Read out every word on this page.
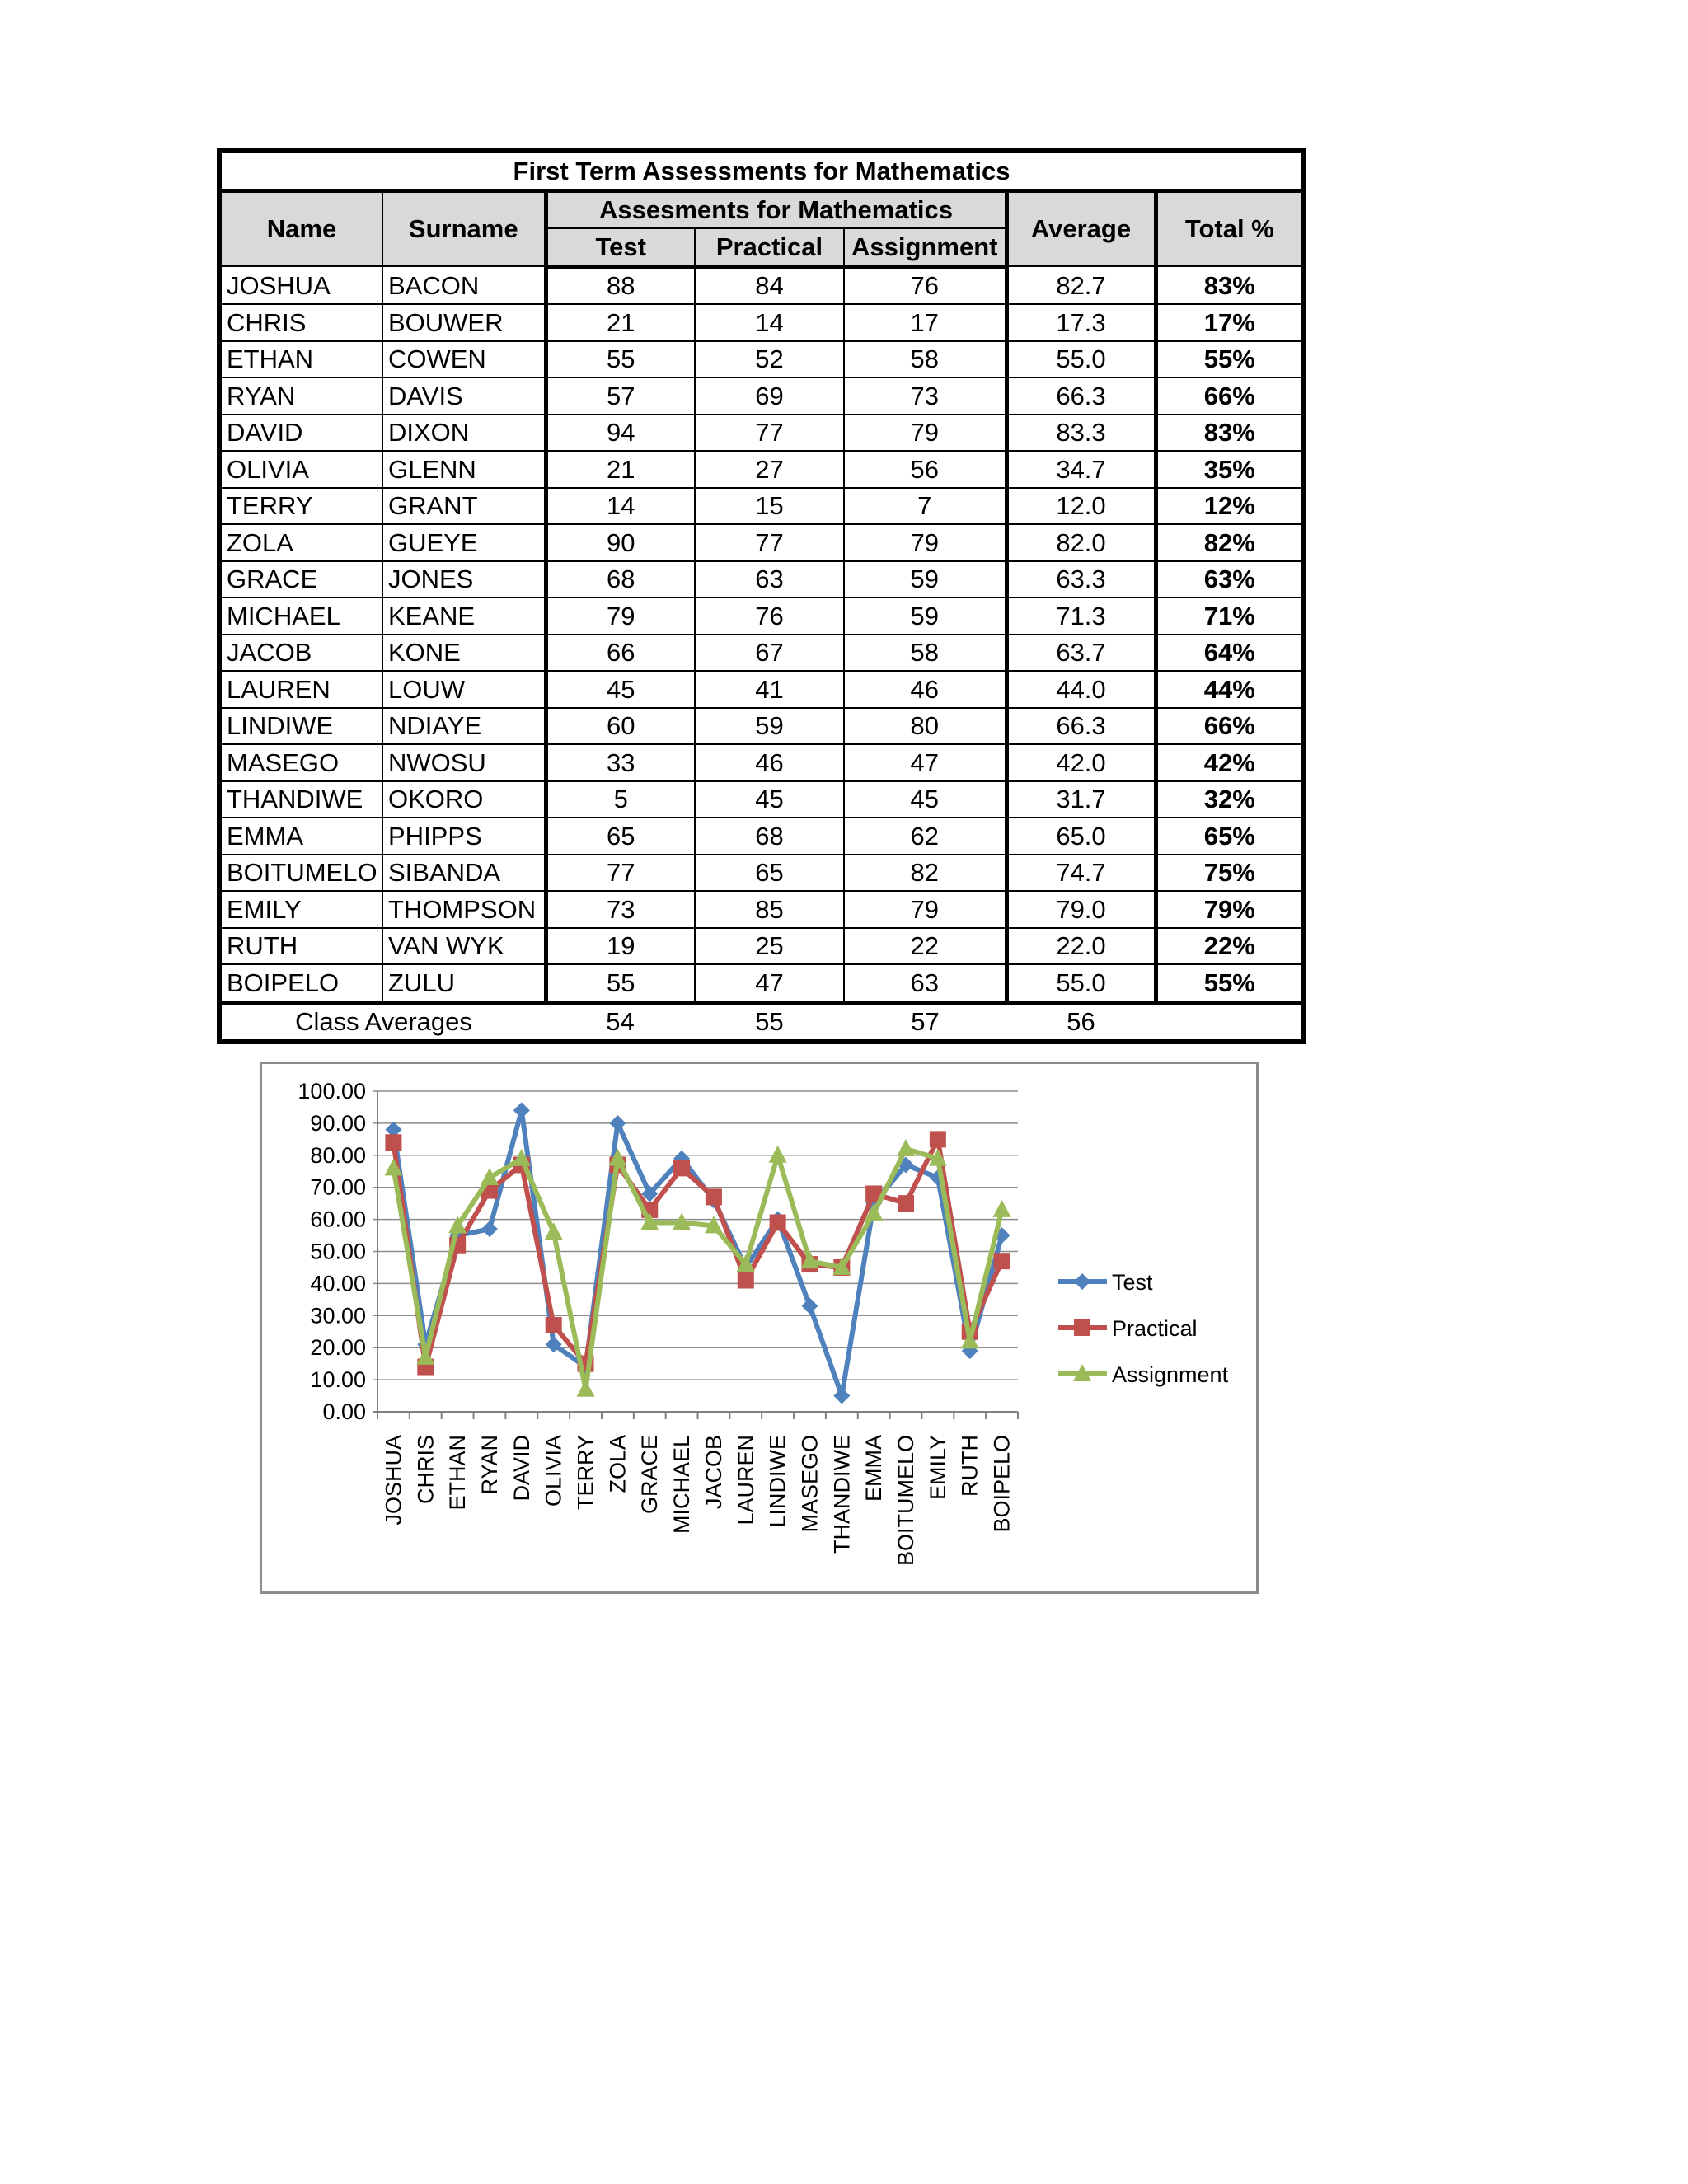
First Term Assessments for Mathematics						
Name	Surname	Assesments for Mathematics			Average	Total %
		Test	Practical	Assignment		
JOSHUA	BACON	88	84	76	82.7	83%
CHRIS	BOUWER	21	14	17	17.3	17%
ETHAN	COWEN	55	52	58	55.0	55%
RYAN	DAVIS	57	69	73	66.3	66%
DAVID	DIXON	94	77	79	83.3	83%
OLIVIA	GLENN	21	27	56	34.7	35%
TERRY	GRANT	14	15	7	12.0	12%
ZOLA	GUEYE	90	77	79	82.0	82%
GRACE	JONES	68	63	59	63.3	63%
MICHAEL	KEANE	79	76	59	71.3	71%
JACOB	KONE	66	67	58	63.7	64%
LAUREN	LOUW	45	41	46	44.0	44%
LINDIWE	NDIAYE	60	59	80	66.3	66%
MASEGO	NWOSU	33	46	47	42.0	42%
THANDIWE	OKORO	5	45	45	31.7	32%
EMMA	PHIPPS	65	68	62	65.0	65%
BOITUMELO	SIBANDA	77	65	82	74.7	75%
EMILY	THOMPSON	73	85	79	79.0	79%
RUTH	VAN WYK	19	25	22	22.0	22%
BOIPELO	ZULU	55	47	63	55.0	55%
Class Averages		54	55	57	56	
0.00
10.00
20.00
30.00
40.00
50.00
60.00
70.00
80.00
90.00
100.00
JOSHUA CHRIS ETHAN RYAN DAVID OLIVIA TERRY ZOLA GRACE MICHAEL JACOB LAUREN LINDIWE MASEGO THANDIWE EMMA BOITUMELO EMILY RUTH BOIPELO
Test
Practical
Assignment
